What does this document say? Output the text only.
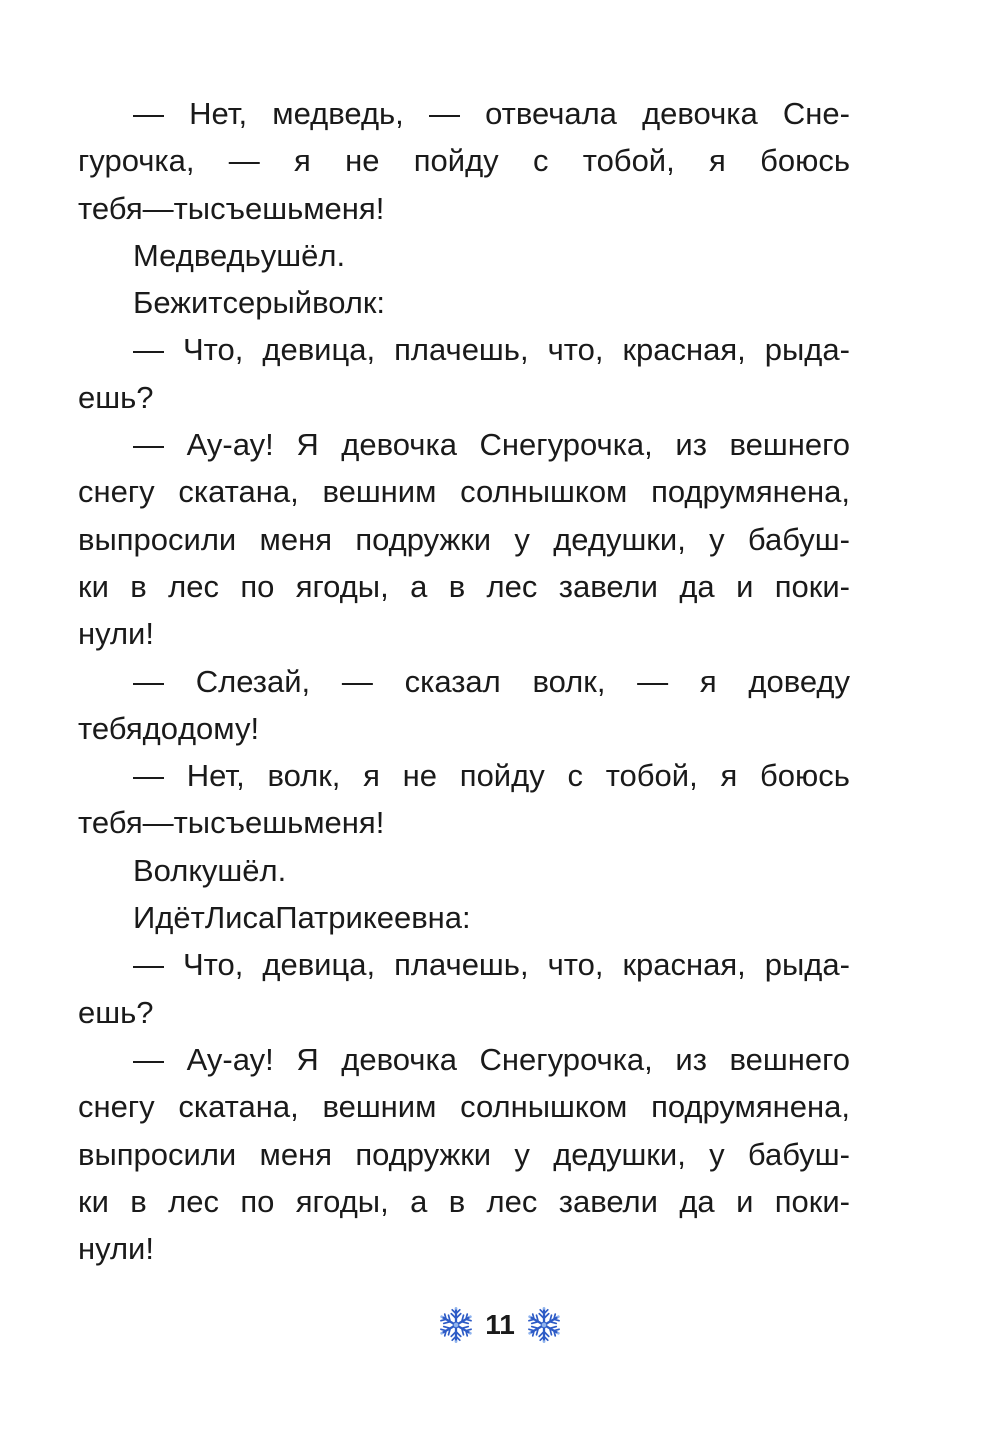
— Нет, медведь, — отвечала девочка Сне-
гурочка, — я не пойду с тобой, я боюсь
тебя — ты съешь меня!
Медведь ушёл.
Бежит серый волк:
— Что, девица, плачешь, что, красная, рыда-
ешь?
— Ау-ау! Я девочка Снегурочка, из вешнего
снегу скатана, вешним солнышком подрумянена,
выпросили меня подружки у дедушки, у бабуш-
ки в лес по ягоды, а в лес завели да и поки-
нули!
— Слезай, — сказал волк, — я доведу
тебя до дому!
— Нет, волк, я не пойду с тобой, я боюсь
тебя — ты съешь меня!
Волк ушёл.
Идёт Лиса Патрикеевна:
— Что, девица, плачешь, что, красная, рыда-
ешь?
— Ау-ау! Я девочка Снегурочка, из вешнего
снегу скатана, вешним солнышком подрумянена,
выпросили меня подружки у дедушки, у бабуш-
ки в лес по ягоды, а в лес завели да и поки-
нули!
11
